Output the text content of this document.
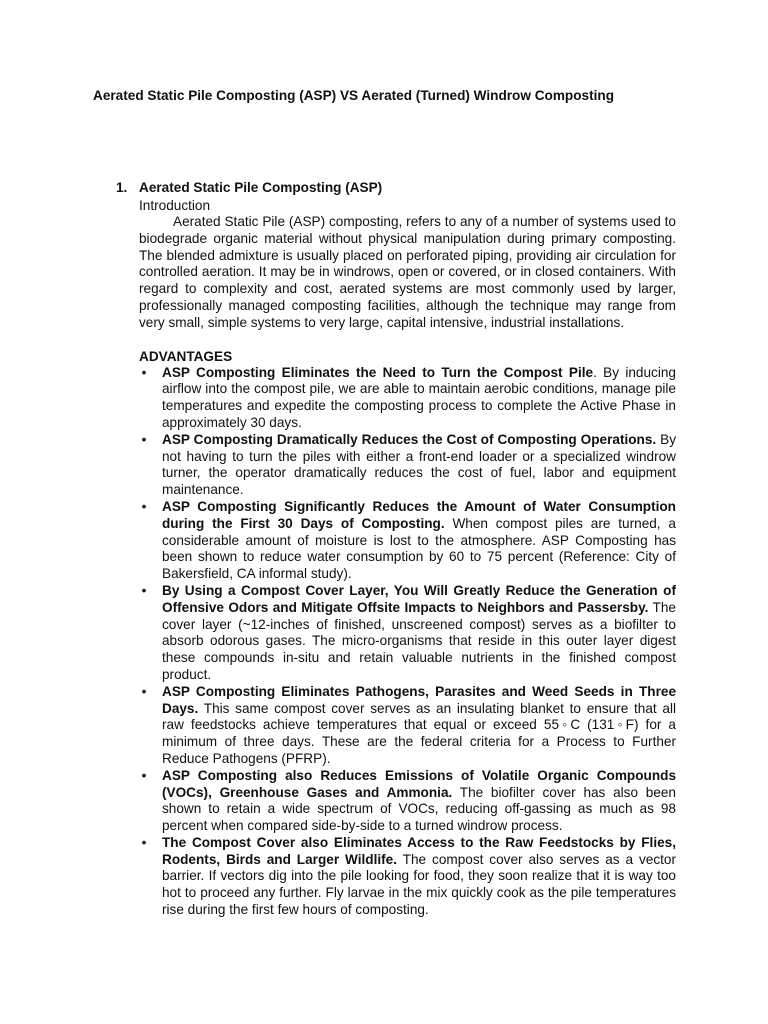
Aerated Static Pile Composting (ASP) VS Aerated (Turned) Windrow Composting
1. Aerated Static Pile Composting (ASP)
Introduction

Aerated Static Pile (ASP) composting, refers to any of a number of systems used to biodegrade organic material without physical manipulation during primary composting. The blended admixture is usually placed on perforated piping, providing air circulation for controlled aeration. It may be in windrows, open or covered, or in closed containers. With regard to complexity and cost, aerated systems are most commonly used by larger, professionally managed composting facilities, although the technique may range from very small, simple systems to very large, capital intensive, industrial installations.

ADVANTAGES
• ASP Composting Eliminates the Need to Turn the Compost Pile. By inducing airflow into the compost pile, we are able to maintain aerobic conditions, manage pile temperatures and expedite the composting process to complete the Active Phase in approximately 30 days.
• ASP Composting Dramatically Reduces the Cost of Composting Operations. By not having to turn the piles with either a front-end loader or a specialized windrow turner, the operator dramatically reduces the cost of fuel, labor and equipment maintenance.
• ASP Composting Significantly Reduces the Amount of Water Consumption during the First 30 Days of Composting. When compost piles are turned, a considerable amount of moisture is lost to the atmosphere. ASP Composting has been shown to reduce water consumption by 60 to 75 percent (Reference: City of Bakersfield, CA informal study).
• By Using a Compost Cover Layer, You Will Greatly Reduce the Generation of Offensive Odors and Mitigate Offsite Impacts to Neighbors and Passersby. The cover layer (~12-inches of finished, unscreened compost) serves as a biofilter to absorb odorous gases. The micro-organisms that reside in this outer layer digest these compounds in-situ and retain valuable nutrients in the finished compost product.
• ASP Composting Eliminates Pathogens, Parasites and Weed Seeds in Three Days. This same compost cover serves as an insulating blanket to ensure that all raw feedstocks achieve temperatures that equal or exceed 55◦C (131◦F) for a minimum of three days. These are the federal criteria for a Process to Further Reduce Pathogens (PFRP).
• ASP Composting also Reduces Emissions of Volatile Organic Compounds (VOCs), Greenhouse Gases and Ammonia. The biofilter cover has also been shown to retain a wide spectrum of VOCs, reducing off-gassing as much as 98 percent when compared side-by-side to a turned windrow process.
• The Compost Cover also Eliminates Access to the Raw Feedstocks by Flies, Rodents, Birds and Larger Wildlife. The compost cover also serves as a vector barrier. If vectors dig into the pile looking for food, they soon realize that it is way too hot to proceed any further. Fly larvae in the mix quickly cook as the pile temperatures rise during the first few hours of composting.
